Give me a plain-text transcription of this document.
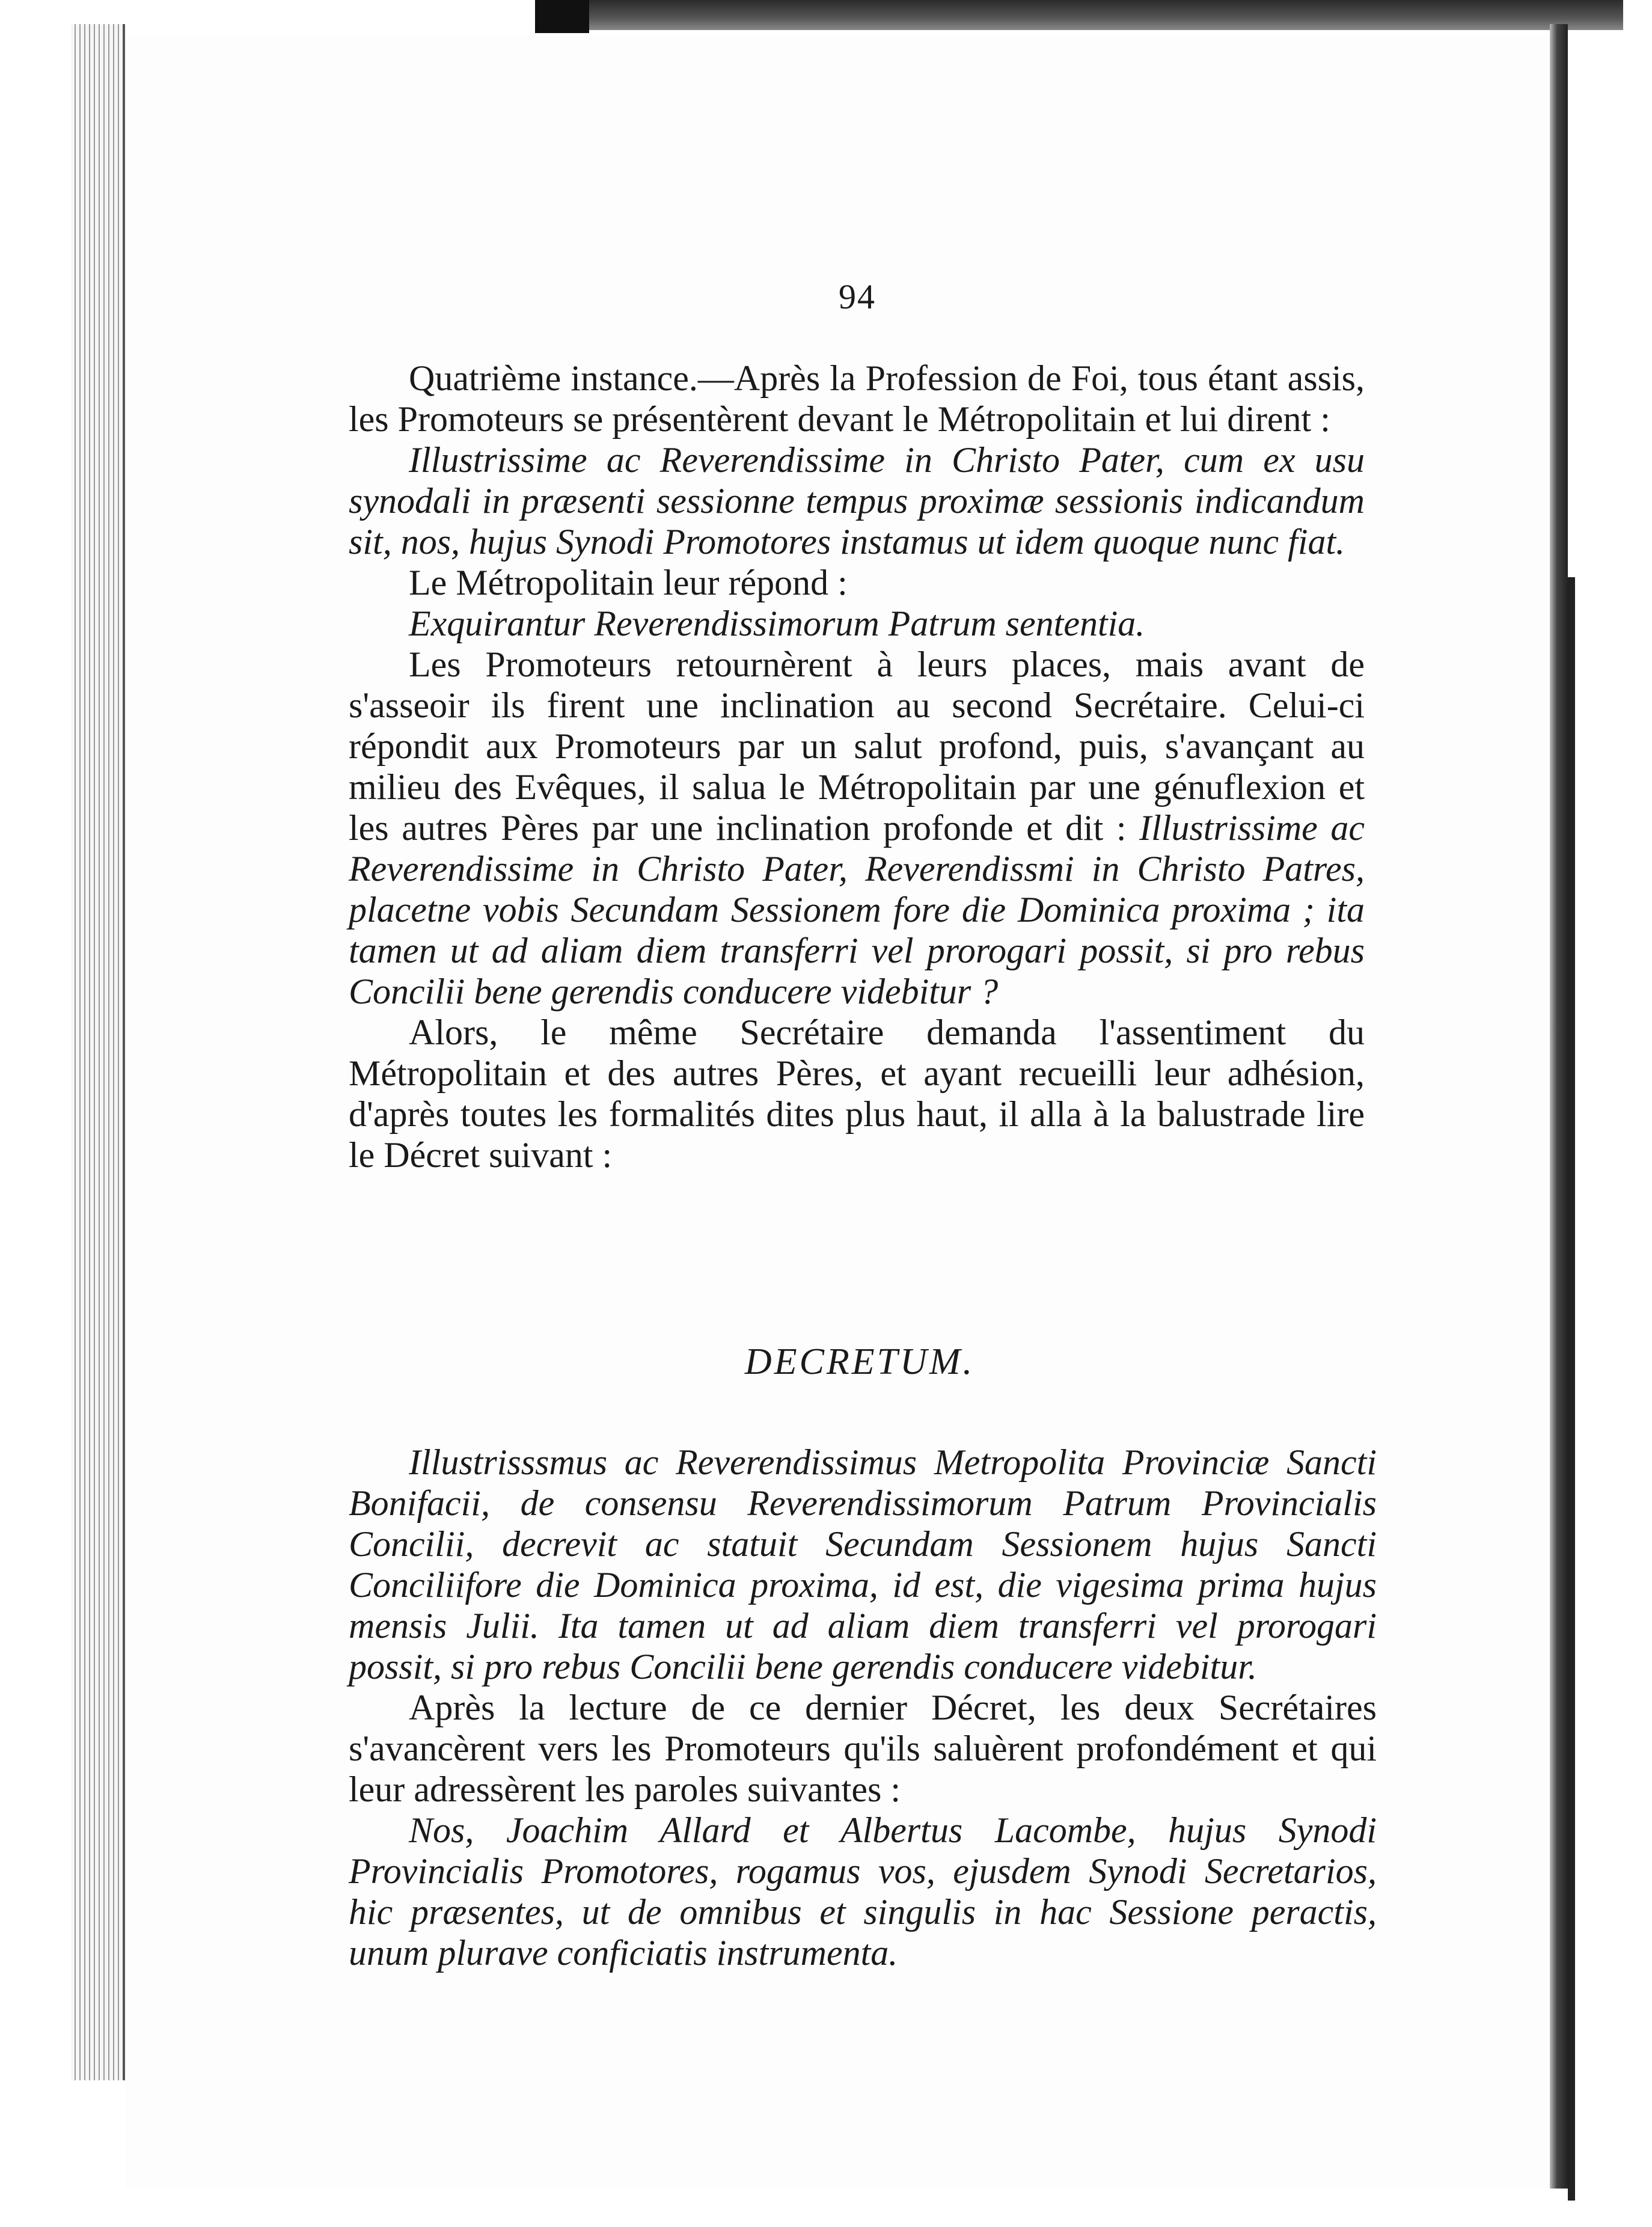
94

Quatrième instance.—Après la Profession de Foi, tous étant assis, les Promoteurs se présentèrent devant le Métropolitain et lui dirent :

Illustrissime ac Reverendissime in Christo Pater, cum ex usu synodali in præsenti sessionne tempus proximæ sessionis indicandum sit, nos, hujus Synodi Promotores instamus ut idem quoque nunc fiat.

Le Métropolitain leur répond :

Exquirantur Reverendissimorum Patrum sententia.

Les Promoteurs retournèrent à leurs places, mais avant de s'asseoir ils firent une inclination au second Secrétaire. Celui-ci répondit aux Promoteurs par un salut profond, puis, s'avançant au milieu des Evêques, il salua le Métropolitain par une génuflexion et les autres Pères par une inclination profonde et dit : Illustrissime ac Reverendissime in Christo Pater, Reverendissmi in Christo Patres, placetne vobis Secundam Sessionem fore die Dominica proxima ; ita tamen ut ad aliam diem transferri vel prorogari possit, si pro rebus Concilii bene gerendis conducere videbitur ?

Alors, le même Secrétaire demanda l'assentiment du Métropolitain et des autres Pères, et ayant recueilli leur adhésion, d'après toutes les formalités dites plus haut, il alla à la balustrade lire le Décret suivant :

DECRETUM.

Illustrisssmus ac Reverendissimus Metropolita Provinciæ Sancti Bonifacii, de consensu Reverendissimorum Patrum Provincialis Concilii, decrevit ac statuit Secundam Sessionem hujus Sancti Conciliifore die Dominica proxima, id est, die vigesima prima hujus mensis Julii. Ita tamen ut ad aliam diem transferri vel prorogari possit, si pro rebus Concilii bene gerendis conducere videbitur.

Après la lecture de ce dernier Décret, les deux Secrétaires s'avancèrent vers les Promoteurs qu'ils saluèrent profondément et qui leur adressèrent les paroles suivantes :

Nos, Joachim Allard et Albertus Lacombe, hujus Synodi Provincialis Promotores, rogamus vos, ejusdem Synodi Secretarios, hic præsentes, ut de omnibus et singulis in hac Sessione peractis, unum plurave conficiatis instrumenta.
